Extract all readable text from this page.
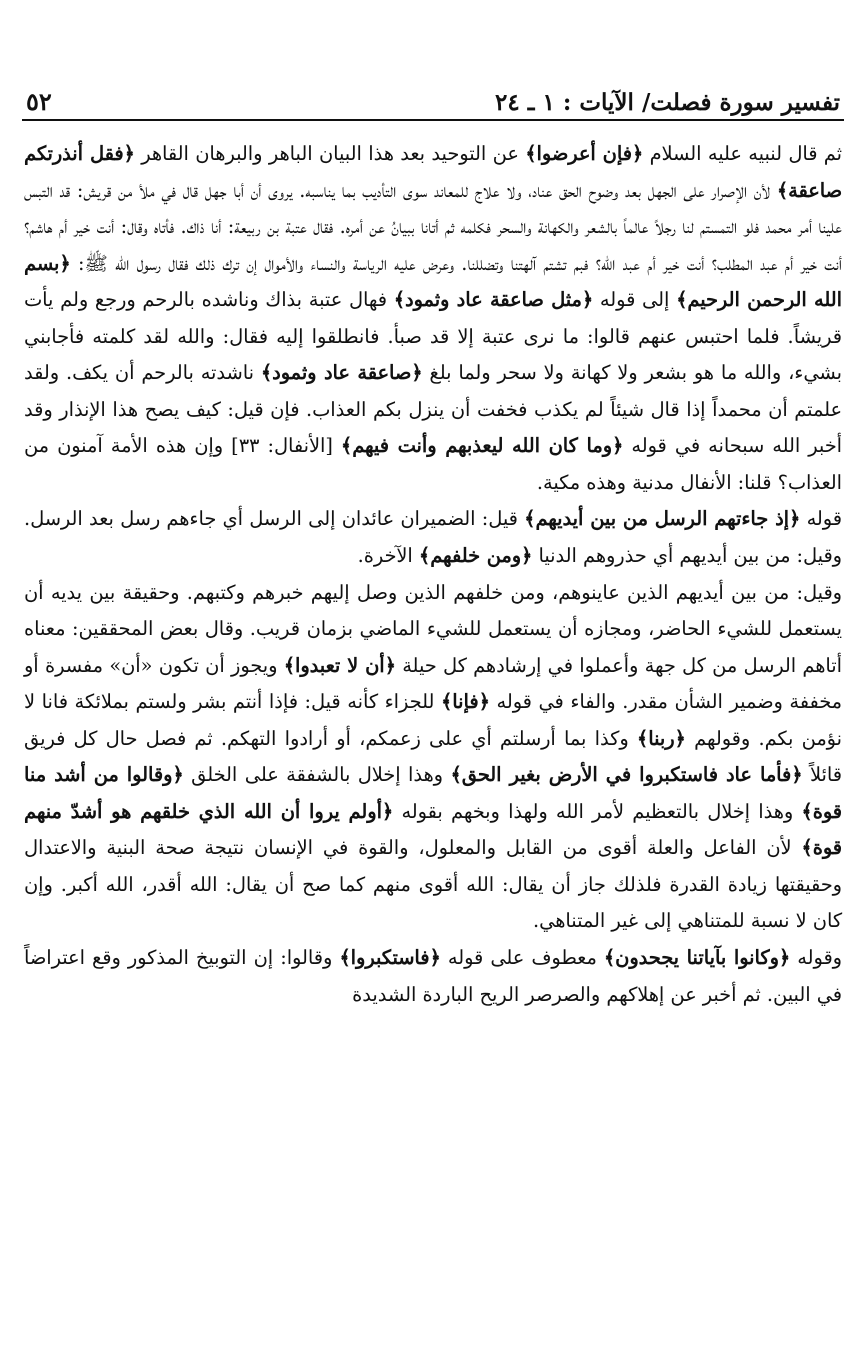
٥٢	تفسير سورة فصلت/ الآيات : ١ ـ ٢٤

ثم قال لنبيه عليه السلام ﴿فإن أعرضوا﴾ عن التوحيد بعد هذا البيان الباهر والبرهان القاهر ﴿فقل أنذرتكم صاعقة﴾ لأن الإصرار على الجهل بعد وضوح الحق عناد، ولا علاج للمعاند سوى التأديب بما يناسبه. يروى أن أبا جهل قال في ملأ من قريش: قد التبس علينا أمر محمد فلو التمستم لنا رجلاً عالماً بالشعر والكهانة والسحر فكلمه ثم أتانا ببيانُ عن أمره. فقال عتبة بن ربيعة: أنا ذاك. فأتاه وقال: أنت خير أم هاشم؟ أنت خير أم عبد المطلب؟ أنت خير أم عبد الله؟ فبم تشتم آلهتنا وتضللنا. وعرض عليه الرياسة والنساء والأموال إن ترك ذلك فقال رسول الله ﷺ: ﴿بسم الله الرحمن الرحيم﴾ إلى قوله ﴿مثل صاعقة عاد وثمود﴾ فهال عتبة بذاك وناشده بالرحم ورجع ولم يأت قريشاً. فلما احتبس عنهم قالوا: ما نرى عتبة إلا قد صبأ. فانطلقوا إليه فقال: والله لقد كلمته فأجابني بشيء، والله ما هو بشعر ولا كهانة ولا سحر ولما بلغ ﴿صاعقة عاد وثمود﴾ ناشدته بالرحم أن يكف. ولقد علمتم أن محمداً إذا قال شيئاً لم يكذب فخفت أن ينزل بكم العذاب. فإن قيل: كيف يصح هذا الإنذار وقد أخبر الله سبحانه في قوله ﴿وما كان الله ليعذبهم وأنت فيهم﴾ [الأنفال: ٣٣] وإن هذه الأمة آمنون من العذاب؟ قلنا: الأنفال مدنية وهذه مكية.

قوله ﴿إذ جاءتهم الرسل من بين أيديهم﴾ قيل: الضميران عائدان إلى الرسل أي جاءهم رسل بعد الرسل. وقيل: من بين أيديهم أي حذروهم الدنيا ﴿ومن خلفهم﴾ الآخرة.

وقيل: من بين أيديهم الذين عاينوهم، ومن خلفهم الذين وصل إليهم خبرهم وكتبهم. وحقيقة بين يديه أن يستعمل للشيء الحاضر، ومجازه أن يستعمل للشيء الماضي بزمان قريب. وقال بعض المحققين: معناه أتاهم الرسل من كل جهة وأعملوا في إرشادهم كل حيلة ﴿أن لا تعبدوا﴾ ويجوز أن تكون «أن» مفسرة أو مخففة وضمير الشأن مقدر. والفاء في قوله ﴿فإنا﴾ للجزاء كأنه قيل: فإذا أنتم بشر ولستم بملائكة فانا لا نؤمن بكم. وقولهم ﴿ربنا﴾ وكذا بما أرسلتم أي على زعمكم، أو أرادوا التهكم. ثم فصل حال كل فريق قائلاً ﴿فأما عاد فاستكبروا في الأرض بغير الحق﴾ وهذا إخلال بالشفقة على الخلق ﴿وقالوا من أشد منا قوة﴾ وهذا إخلال بالتعظيم لأمر الله ولهذا وبخهم بقوله ﴿أولم يروا أن الله الذي خلقهم هو أشدّ منهم قوة﴾ لأن الفاعل والعلة أقوى من القابل والمعلول، والقوة في الإنسان نتيجة صحة البنية والاعتدال وحقيقتها زيادة القدرة فلذلك جاز أن يقال: الله أقوى منهم كما صح أن يقال: الله أقدر، الله أكبر. وإن كان لا نسبة للمتناهي إلى غير المتناهي.

وقوله ﴿وكانوا بآياتنا يجحدون﴾ معطوف على قوله ﴿فاستكبروا﴾ وقالوا: إن التوبيخ المذكور وقع اعتراضاً في البين. ثم أخبر عن إهلاكهم والصرصر الريح الباردة الشديدة
